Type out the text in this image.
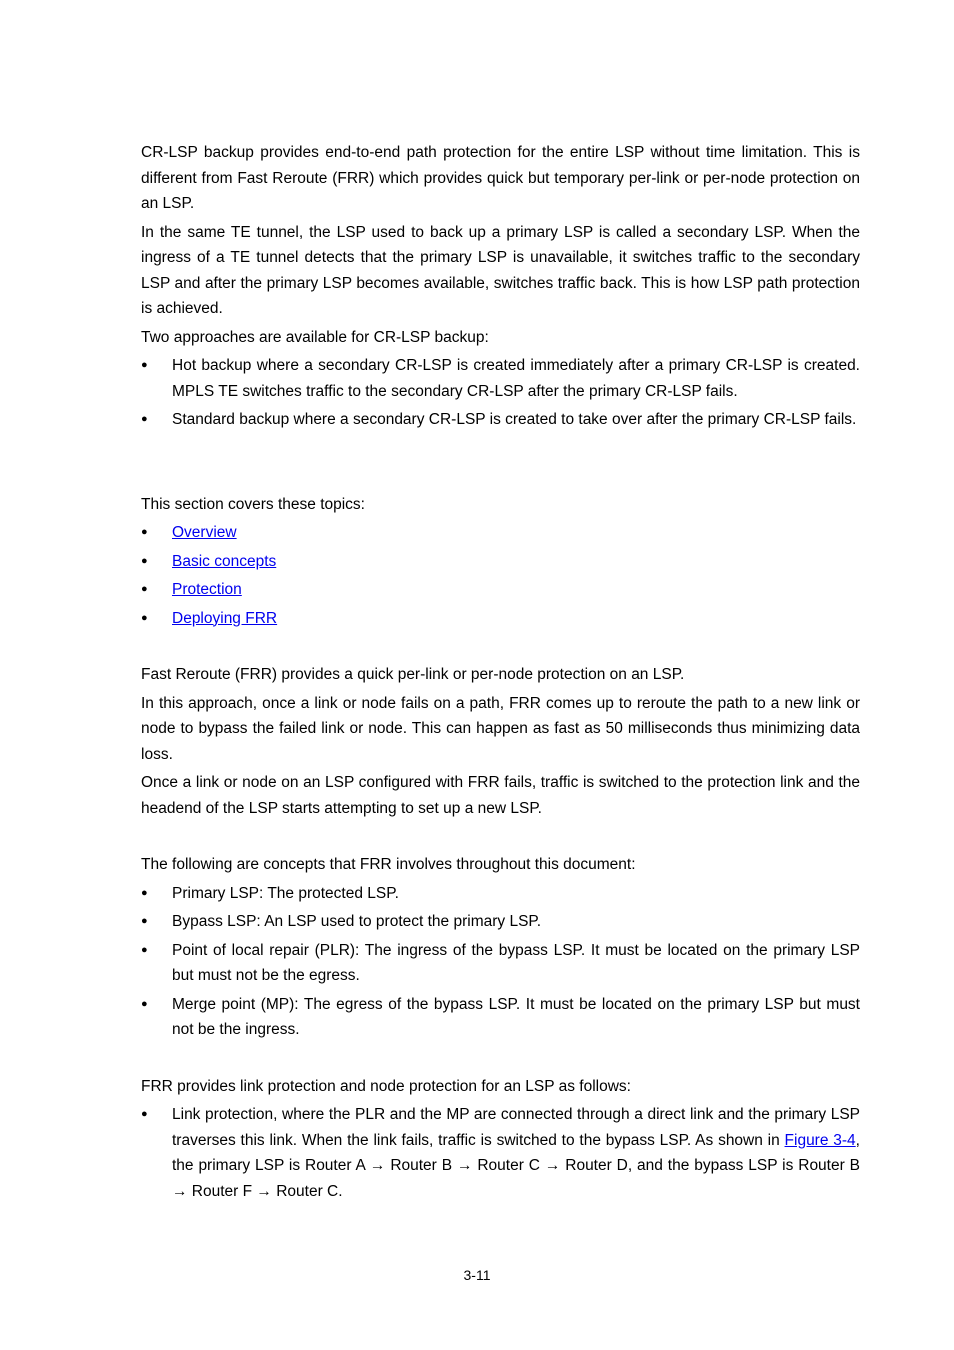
CR-LSP backup provides end-to-end path protection for the entire LSP without time limitation. This is different from Fast Reroute (FRR) which provides quick but temporary per-link or per-node protection on an LSP.

In the same TE tunnel, the LSP used to back up a primary LSP is called a secondary LSP. When the ingress of a TE tunnel detects that the primary LSP is unavailable, it switches traffic to the secondary LSP and after the primary LSP becomes available, switches traffic back. This is how LSP path protection is achieved.

Two approaches are available for CR-LSP backup:

● Hot backup where a secondary CR-LSP is created immediately after a primary CR-LSP is created. MPLS TE switches traffic to the secondary CR-LSP after the primary CR-LSP fails.
● Standard backup where a secondary CR-LSP is created to take over after the primary CR-LSP fails.

This section covers these topics:

● Overview
● Basic concepts
● Protection
● Deploying FRR

Fast Reroute (FRR) provides a quick per-link or per-node protection on an LSP.

In this approach, once a link or node fails on a path, FRR comes up to reroute the path to a new link or node to bypass the failed link or node. This can happen as fast as 50 milliseconds thus minimizing data loss.

Once a link or node on an LSP configured with FRR fails, traffic is switched to the protection link and the headend of the LSP starts attempting to set up a new LSP.

The following are concepts that FRR involves throughout this document:

● Primary LSP: The protected LSP.
● Bypass LSP: An LSP used to protect the primary LSP.
● Point of local repair (PLR): The ingress of the bypass LSP. It must be located on the primary LSP but must not be the egress.
● Merge point (MP): The egress of the bypass LSP. It must be located on the primary LSP but must not be the ingress.

FRR provides link protection and node protection for an LSP as follows:

● Link protection, where the PLR and the MP are connected through a direct link and the primary LSP traverses this link. When the link fails, traffic is switched to the bypass LSP. As shown in Figure 3-4, the primary LSP is Router A → Router B → Router C → Router D, and the bypass LSP is Router B → Router F → Router C.
3-11
